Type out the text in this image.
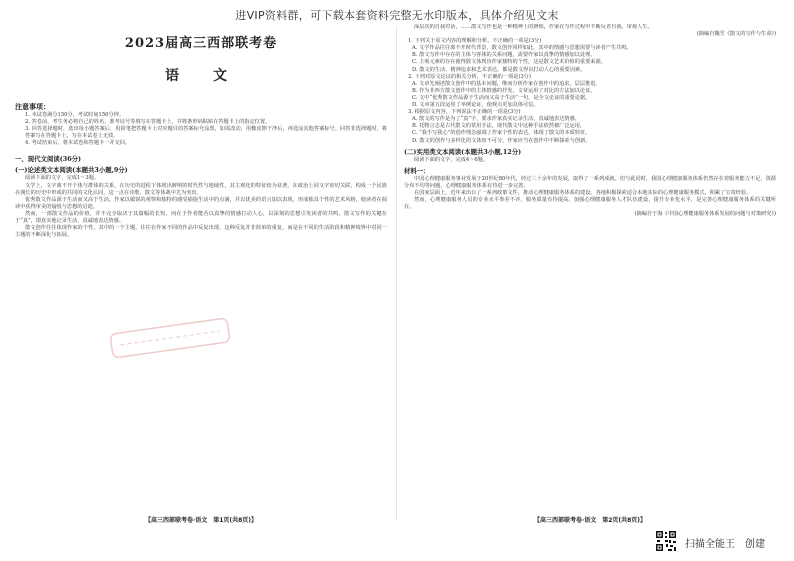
进VIP资料群，可下载本套资料完整无水印版本，具体介绍见文末
2023届高三西部联考卷
语　文
注意事项：

1. 本试卷满分150分，考试时间150分钟。

2. 答卷前，考生务必将自己的姓名、准考证号等填写在答题卡上，并将条形码粘贴在答题卡上的指定位置。

3. 回答选择题时，选出每小题答案后，用铅笔把答题卡上对应题目的答案标号涂黑，如需改动，用橡皮擦干净后，再选涂其他答案标号。回答非选择题时，将答案写在答题卡上，写在本试卷上无效。

4. 考试结束后，将本试卷和答题卡一并交回。

一、现代文阅读(36分)
(一)论述类文本阅读(本题共3小题,9分)

阅读下面的文字，完成1～3题。

文学上，文字离不开个体与群体的关系，在历史的进程下体现出鲜明的时代性与地域性，其主观化的特征较为显著。在政治上同文字密切关联，构成一个民族在漫长的历史中形成的共同的文化认同，这一点在诗歌、散文等体裁中尤为突出。

优秀散文作品源于生活而又高于生活。作家以敏锐的观察和独特的感受捕捉生活中的点滴，并以优美的语言加以表现，形成独具个性的艺术风格，使读者在阅读中获得审美的愉悦与思想的启迪。

然而，一部散文作品的价值，并不完全取决于其篇幅的长短，而在于作者能否以真挚的情感打动人心，以深刻的思想引发读者的共鸣。散文写作的关键在于“真”，即真实地记录生活、真诚地表达情感。

散文创作往往体现作家的个性，其中的一个主题，往往在作家不同的作品中反复出现，这种反复并非简单的重复，而是在不同的生活阶段和精神境界中对同一主题的不断深化与拓展。

【高三西部联考卷·语文　第1页(共8页)】

深层次的自我对话，……散文写作也是一种精神上的修炼，作家在写作过程中不断反省自我、审视人生。

(摘编自魏雪《散文的写作与生命》)

1. 下列关于原文内容的理解和分析，不正确的一项是(3分)

A. 文学作品往往离不开时代背景，散文创作同样如此，其中的情感与思想需要与读者产生共鸣。

B. 散文写作中存在的主体与客体的关系问题，需要作家以真挚的情感加以处理。

C. 主观元素的存在使得散文体现出作家独特的个性，这是散文艺术价值的重要来源。

D. 散文的生活、精神追求和艺术表达，都是散文得以打动人心的重要因素。

2. 下列对原文论证的相关分析，不正确的一项是(3分)

A. 文章先阐述散文创作中的基本问题，继而分析作家在创作中的追求，层层推进。

B. 作为非西方散文创作中的主体情感的抒发，文章运用了对比的方法加以论证。

C. 文中“优秀散文作品源于生活而又高于生活”一句，是全文论证的重要论据。

D. 文章第五段运用了举例论证，使观点更加具体可信。

3. 根据原文内容，下列说法不正确的一项是(3分)

A. 散文的写作是为了“真”字，要求作家真实记录生活、真诚地表达情感。

B. 托物言志是古代散文的常用手法，现代散文中这种手法依然被广泛运用。

C. “我手写我心”的创作理念强调了作家个性的表达，体现了散文的本质特征。

D. 散文的创作与多样化的文体密不可分，作家应当在创作中不断探索与创新。

(二)实用类文本阅读(本题共3小题,12分)

阅读下面的文字，完成4～6题。

材料一：

中国心理健康服务事业发展于20世纪80年代，经过三十余年的发展，取得了一系列成就。但与此同时，我国心理健康服务体系仍然存在着服务能力不足、资源分布不均等问题，心理健康服务体系有待进一步完善。

在国家层面上，近年来出台了一系列政策文件，推动心理健康服务体系的建设。各地积极探索适合本地实际的心理健康服务模式，积累了宝贵经验。

然而，心理健康服务人员的专业水平参差不齐，服务质量有待提高。加强心理健康服务人才队伍建设，提升专业化水平，是完善心理健康服务体系的关键所在。

(摘编自于海《中国心理健康服务体系发展的问题与对策研究》)

【高三西部联考卷·语文　第2页(共8页)】
扫描全能王　创建
